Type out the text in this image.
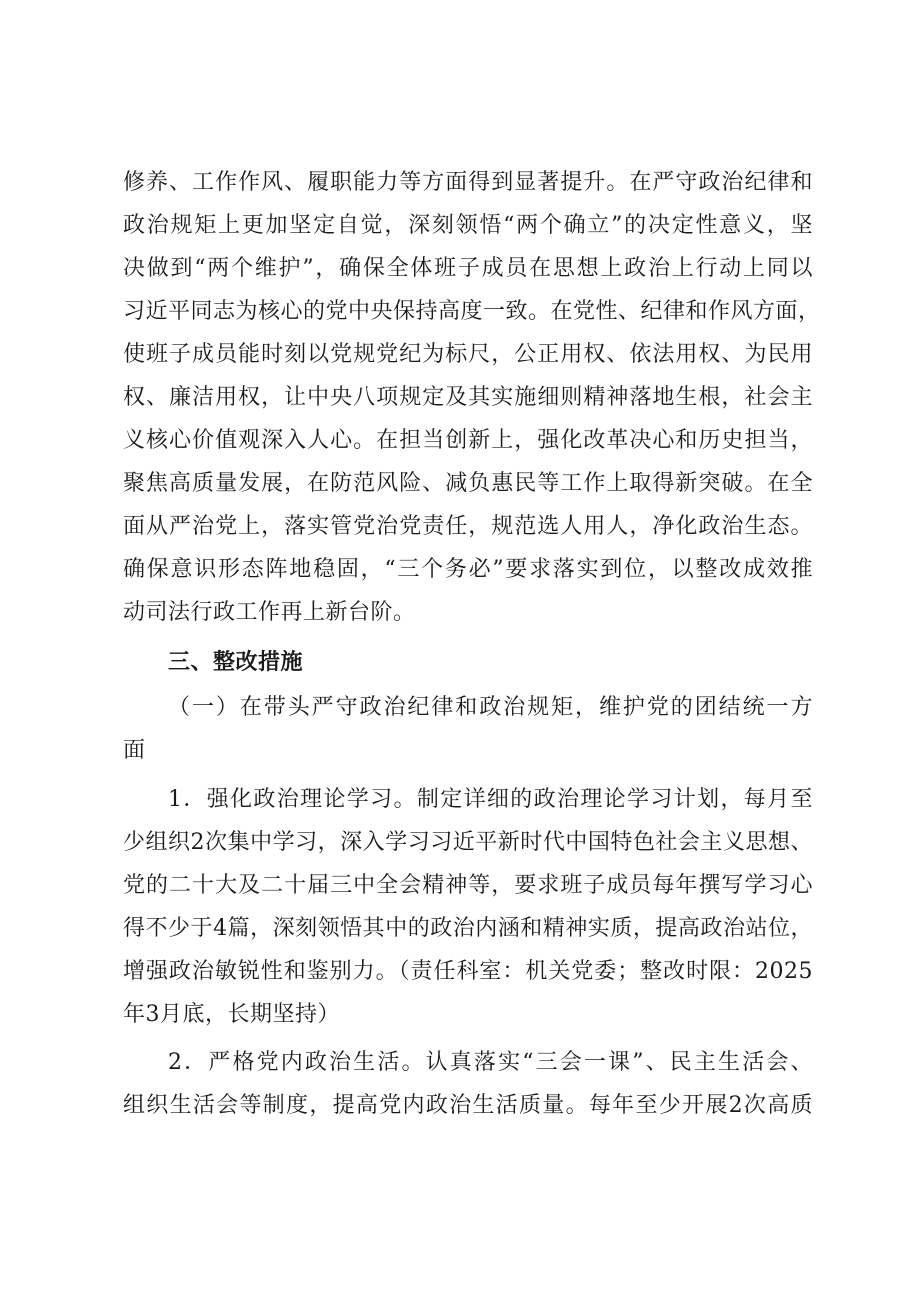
修养、工作作风、履职能力等方面得到显著提升。在严守政治纪律和
政治规矩上更加坚定自觉，深刻领悟“两个确立”的决定性意义，坚
决做到“两个维护”，确保全体班子成员在思想上政治上行动上同以
习近平同志为核心的党中央保持高度一致。在党性、纪律和作风方面，
使班子成员能时刻以党规党纪为标尺，公正用权、依法用权、为民用
权、廉洁用权，让中央八项规定及其实施细则精神落地生根，社会主
义核心价值观深入人心。在担当创新上，强化改革决心和历史担当，
聚焦高质量发展，在防范风险、减负惠民等工作上取得新突破。在全
面从严治党上，落实管党治党责任，规范选人用人，净化政治生态。
确保意识形态阵地稳固，“三个务必”要求落实到位，以整改成效推
动司法行政工作再上新台阶。
三、整改措施
（一）在带头严守政治纪律和政治规矩，维护党的团结统一方
面
1．强化政治理论学习。制定详细的政治理论学习计划，每月至
少组织2次集中学习，深入学习习近平新时代中国特色社会主义思想、
党的二十大及二十届三中全会精神等，要求班子成员每年撰写学习心
得不少于4篇，深刻领悟其中的政治内涵和精神实质，提高政治站位，
增强政治敏锐性和鉴别力。（责任科室：机关党委；整改时限：2025
年3月底，长期坚持）
2．严格党内政治生活。认真落实“三会一课”、民主生活会、
组织生活会等制度，提高党内政治生活质量。每年至少开展2次高质
